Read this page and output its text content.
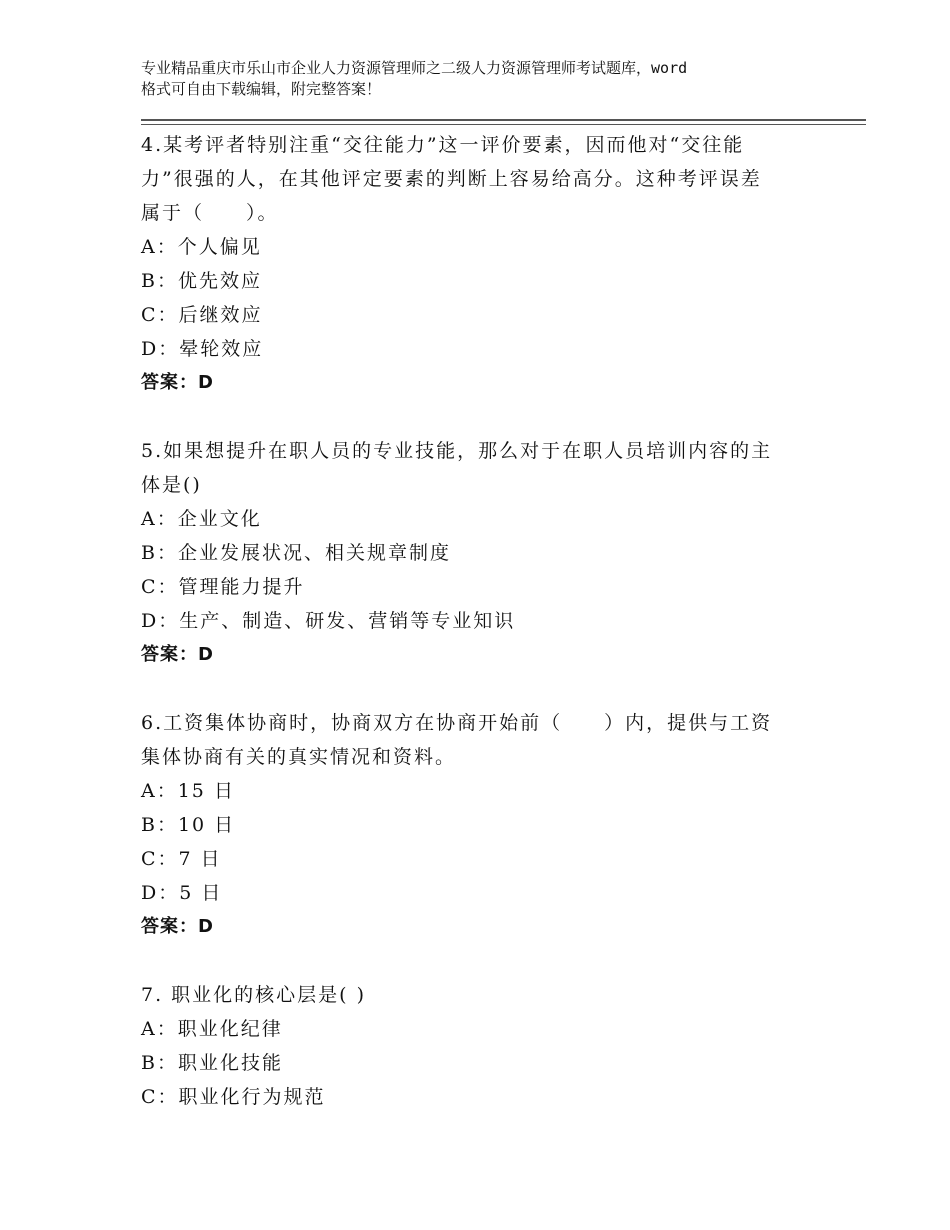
专业精品重庆市乐山市企业人力资源管理师之二级人力资源管理师考试题库，word
格式可自由下载编辑，附完整答案！
4.某考评者特别注重“交往能力”这一评价要素，因而他对“交往能
力”很强的人，在其他评定要素的判断上容易给高分。这种考评误差
属于（　　）。
A：个人偏见
B：优先效应
C：后继效应
D：晕轮效应
答案：D
5.如果想提升在职人员的专业技能，那么对于在职人员培训内容的主
体是()
A：企业文化
B：企业发展状况、相关规章制度
C：管理能力提升
D：生产、制造、研发、营销等专业知识
答案：D
6.工资集体协商时，协商双方在协商开始前（　　）内，提供与工资
集体协商有关的真实情况和资料。
A：15 日
B：10 日
C：7 日
D：5 日
答案：D
7. 职业化的核心层是( )
A：职业化纪律
B：职业化技能
C：职业化行为规范
